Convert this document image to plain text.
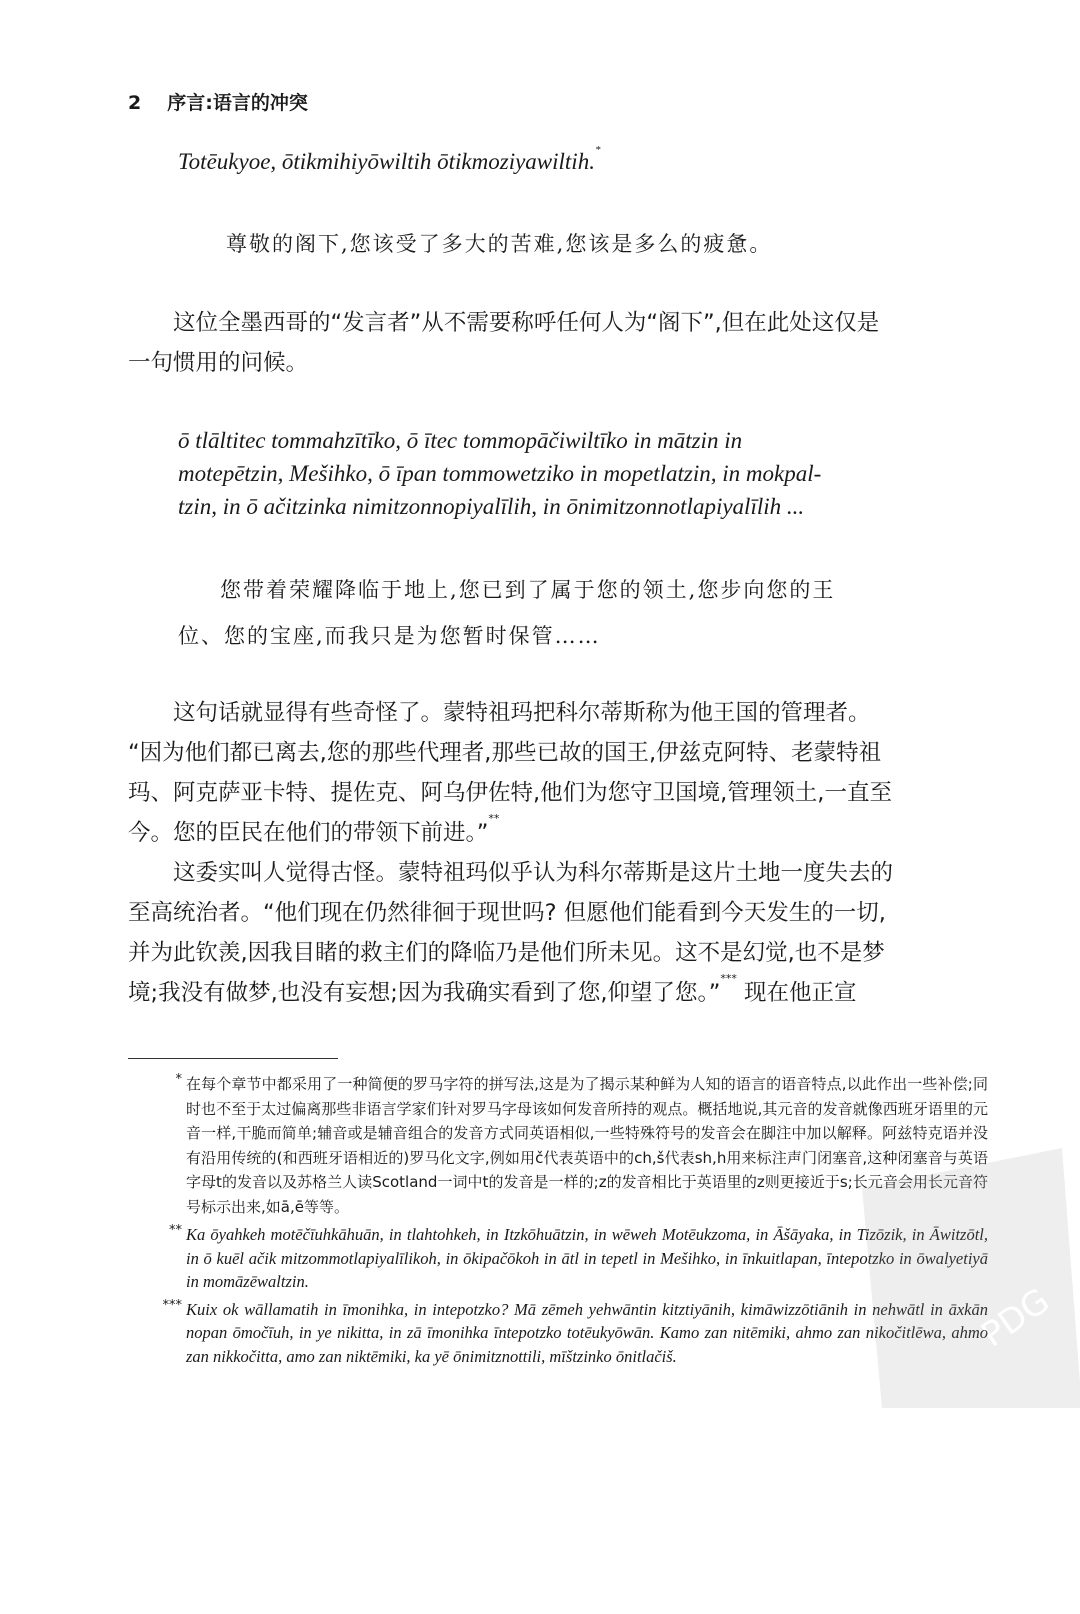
2 序言:语言的冲突
Totēukyoe, ōtikmihiyōwiltih ōtikmoziyawiltih.*
尊敬的阁下,您该受了多大的苦难,您该是多么的疲惫。

这位全墨西哥的“发言者”从不需要称呼任何人为“阁下”,但在此处这仅是

一句惯用的问候。

ō tlāltitec tommahzītīko, ō ītec tommopāčiwiltīko in mātzin in
motepētzin, Mešihko, ō īpan tommowetziko in mopetlatzin, in mokpal-
tzin, in ō ačitzinka nimitzonnopiyalīlih, in ōnimitzonnotlapiyalīlih ...
您带着荣耀降临于地上,您已到了属于您的领土,您步向您的王
位、您的宝座,而我只是为您暂时保管……

这句话就显得有些奇怪了。蒙特祖玛把科尔蒂斯称为他王国的管理者。

“因为他们都已离去,您的那些代理者,那些已故的国王,伊兹克阿特、老蒙特祖

玛、阿克萨亚卡特、提佐克、阿乌伊佐特,他们为您守卫国境,管理领土,一直至

今。您的臣民在他们的带领下前进。”**

这委实叫人觉得古怪。蒙特祖玛似乎认为科尔蒂斯是这片土地一度失去的

至高统治者。“他们现在仍然徘徊于现世吗? 但愿他们能看到今天发生的一切,

并为此钦羡,因我目睹的救主们的降临乃是他们所未见。这不是幻觉,也不是梦

境;我没有做梦,也没有妄想;因为我确实看到了您,仰望了您。”*** 现在他正宣

* 在每个章节中都采用了一种简便的罗马字符的拼写法,这是为了揭示某种鲜为人知的语言的语音特点,以此作出一些补偿;同时也不至于太过偏离那些非语言学家们针对罗马字母该如何发音所持的观点。概括地说,其元音的发音就像西班牙语里的元音一样,干脆而简单;辅音或是辅音组合的发音方式同英语相似,一些特殊符号的发音会在脚注中加以解释。阿兹特克语并没有沿用传统的(和西班牙语相近的)罗马化文字,例如用č代表英语中的ch,š代表sh,h用来标注声门闭塞音,这种闭塞音与英语字母t的发音以及苏格兰人读Scotland一词中t的发音是一样的;z的发音相比于英语里的z则更接近于s;长元音会用长元音符号标示出来,如ā,ē等等。
** Ka ōyahkeh motēčīuhkāhuān, in tlahtohkeh, in Itzkōhuātzin, in wēweh Motēukzoma, in Āšāyaka, in Tizōzik, in Āwitzōtl, in ō kuēl ačik mitzommotlapiyalīlikoh, in ōkipačōkoh in ātl in tepetl in Mešihko, in īnkuitlapan, īntepotzko in ōwalyetiyā in momāzēwaltzin.
*** Kuix ok wāllamatih in īmonihka, in intepotzko? Mā zēmeh yehwāntin kitztiyānih, kimāwizzōtiānih in nehwātl in āxkān nopan ōmočīuh, in ye nikitta, in zā īmonihka īntepotzko totēukyōwān. Kamo zan nitēmiki, ahmo zan nikočitlēwa, ahmo zan nikkočitta, amo zan niktēmiki, ka yē ōnimitznottili, mīštzinko ōnitlačiš.
PDG
